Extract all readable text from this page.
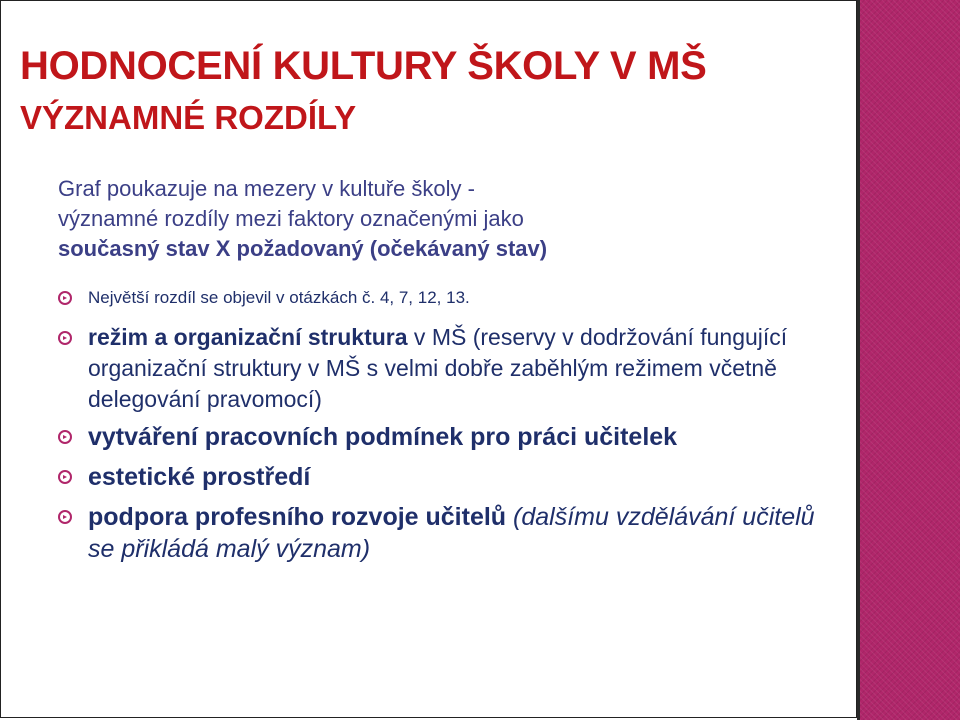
HODNOCENÍ KULTURY ŠKOLY V MŠ
VÝZNAMNÉ ROZDÍLY
Graf poukazuje na mezery v kultuře školy -
významné rozdíly mezi faktory označenými jako
současný stav X požadovaný (očekávaný stav)
Největší rozdíl se objevil v otázkách č. 4, 7, 12, 13.
režim a organizační struktura v MŠ (reservy v dodržování fungující organizační struktury v MŠ s velmi dobře zaběhlým režimem včetně delegování pravomocí)
vytváření pracovních podmínek pro práci učitelek
estetické prostředí
podpora profesního rozvoje učitelů (dalšímu vzdělávání učitelů se přikládá malý význam)
